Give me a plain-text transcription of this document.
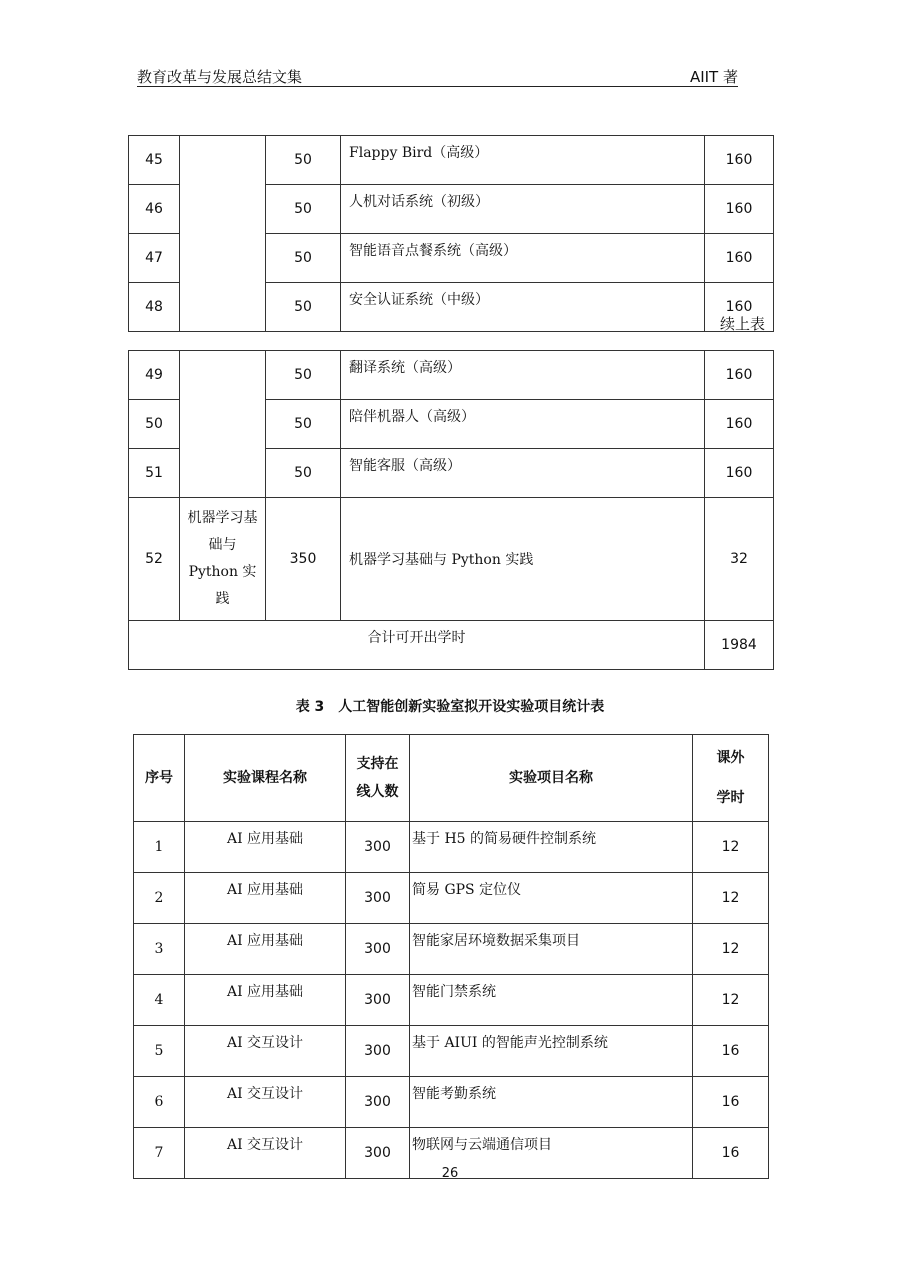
教育改革与发展总结文集	AIIT 著
45		50	Flappy Bird（高级）	160
46		50	人机对话系统（初级）	160
47		50	智能语音点餐系统（高级）	160
48		50	安全认证系统（中级）	160
续上表
49		50	翻译系统（高级）	160
50		50	陪伴机器人（高级）	160
51		50	智能客服（高级）	160
52	机器学习基础与Python 实践	350	机器学习基础与 Python 实践	32
合计可开出学时				1984
表 3　人工智能创新实验室拟开设实验项目统计表
序号	实验课程名称	支持在线人数	实验项目名称	课外学时
1	AI 应用基础	300	基于 H5 的简易硬件控制系统	12
2	AI 应用基础	300	简易 GPS 定位仪	12
3	AI 应用基础	300	智能家居环境数据采集项目	12
4	AI 应用基础	300	智能门禁系统	12
5	AI 交互设计	300	基于 AIUI 的智能声光控制系统	16
6	AI 交互设计	300	智能考勤系统	16
7	AI 交互设计	300	物联网与云端通信项目	16
26
